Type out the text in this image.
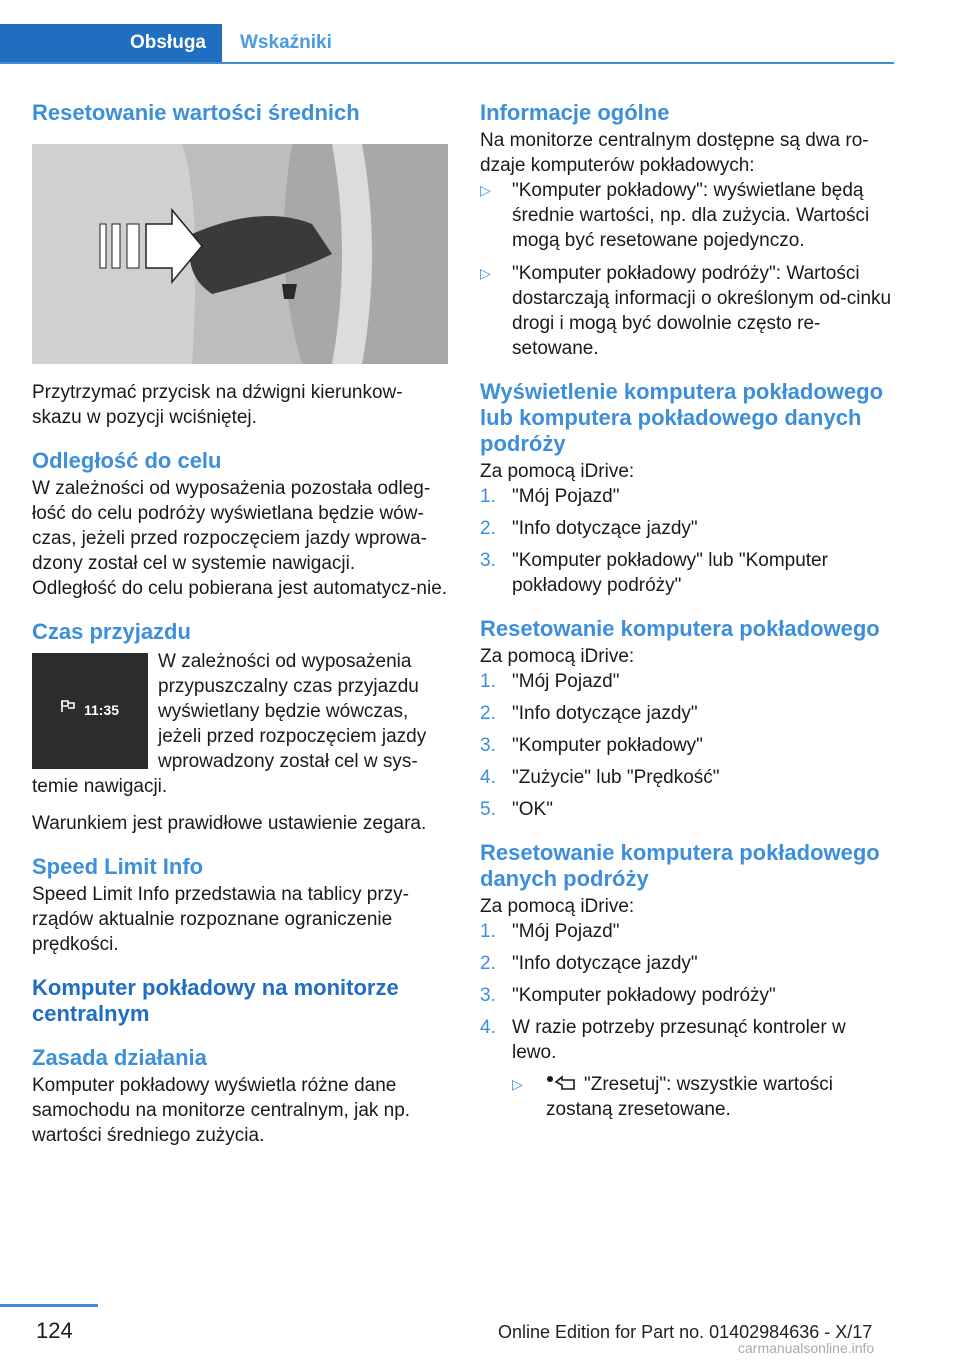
Obsługa	Wskaźniki
Resetowanie wartości średnich

Przytrzymać przycisk na dźwigni kierunkow-skazu w pozycji wciśniętej.

Odległość do celu

W zależności od wyposażenia pozostała odleg-łość do celu podróży wyświetlana będzie wów-czas, jeżeli przed rozpoczęciem jazdy wprowa-dzony został cel w systemie nawigacji.

Odległość do celu pobierana jest automatycz-nie.

Czas przyjazdu
11:35

W zależności od wyposażenia przypuszczalny czas przyjazdu wyświetlany będzie wówczas, jeżeli przed rozpoczęciem jazdy wprowadzony został cel w sys-temie nawigacji.

Warunkiem jest prawidłowe ustawienie zegara.

Speed Limit Info

Speed Limit Info przedstawia na tablicy przy-rządów aktualnie rozpoznane ograniczenie prędkości.

Komputer pokładowy na monitorze centralnym
Zasada działania

Komputer pokładowy wyświetla różne dane samochodu na monitorze centralnym, jak np. wartości średniego zużycia.

Informacje ogólne

Na monitorze centralnym dostępne są dwa ro-dzaje komputerów pokładowych:

▷ "Komputer pokładowy": wyświetlane będą średnie wartości, np. dla zużycia. Wartości mogą być resetowane pojedynczo.
▷ "Komputer pokładowy podróży": Wartości dostarczają informacji o określonym od-cinku drogi i mogą być dowolnie często re-setowane.
Wyświetlenie komputera pokładowego lub komputera pokładowego danych podróży

Za pomocą iDrive:

1. "Mój Pojazd"
2. "Info dotyczące jazdy"
3. "Komputer pokładowy" lub "Komputer pokładowy podróży"
Resetowanie komputera pokładowego

Za pomocą iDrive:

1. "Mój Pojazd"
2. "Info dotyczące jazdy"
3. "Komputer pokładowy"
4. "Zużycie" lub "Prędkość"
5. "OK"
Resetowanie komputera pokładowego danych podróży

Za pomocą iDrive:

1. "Mój Pojazd"
2. "Info dotyczące jazdy"
3. "Komputer pokładowy podróży"
4. W razie potrzeby przesunąć kontroler w lewo.
▷	"Zresetuj": wszystkie wartości zostaną zresetowane.
124	Online Edition for Part no. 01402984636 - X/17
carmanualsonline.info
